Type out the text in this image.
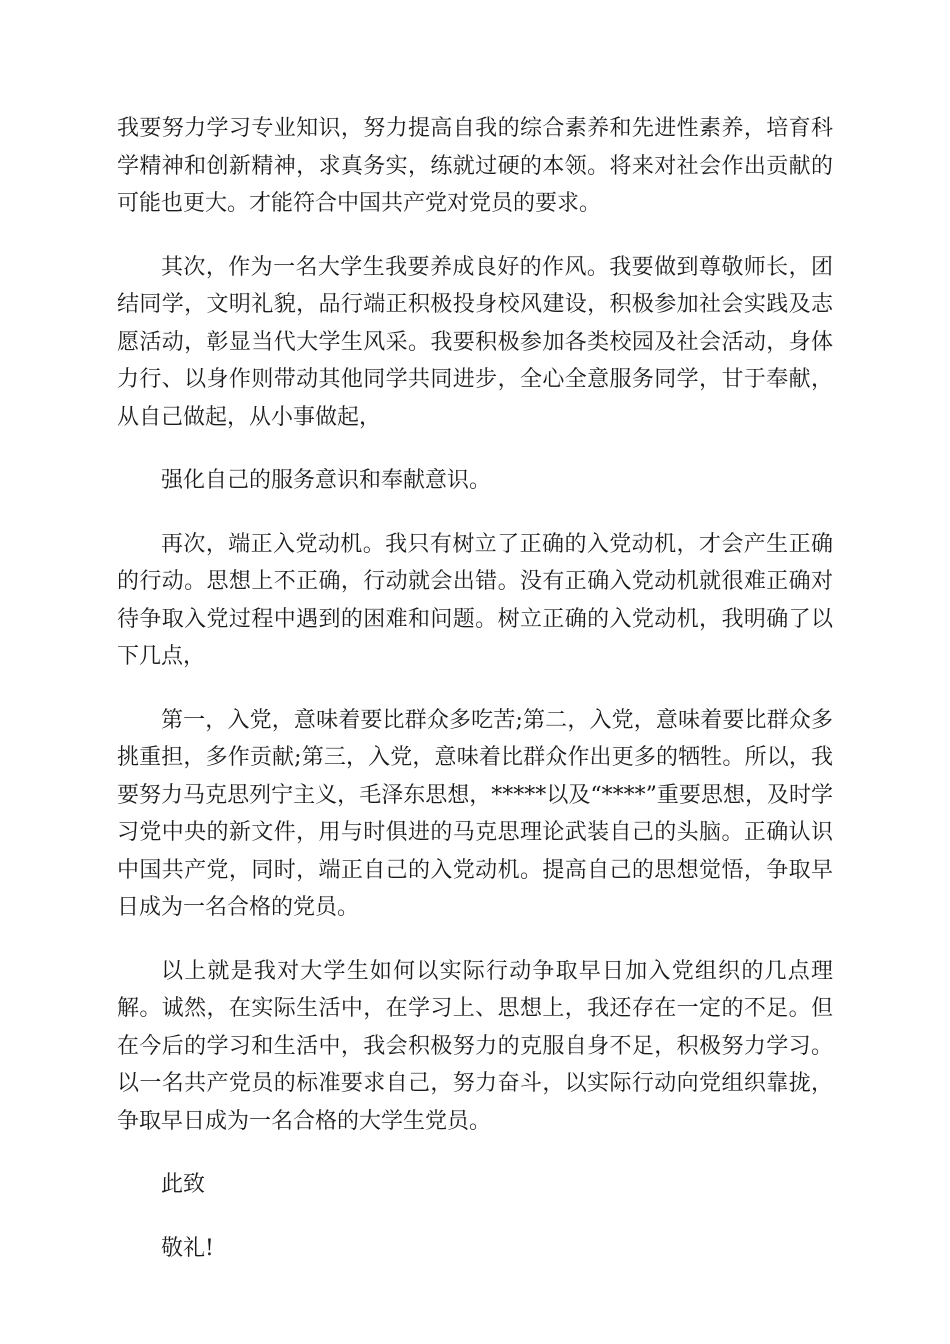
我要努力学习专业知识，努力提高自我的综合素养和先进性素养，培育科学精神和创新精神，求真务实，练就过硬的本领。将来对社会作出贡献的可能也更大。才能符合中国共产党对党员的要求。

其次，作为一名大学生我要养成良好的作风。我要做到尊敬师长，团结同学，文明礼貌，品行端正积极投身校风建设，积极参加社会实践及志愿活动，彰显当代大学生风采。我要积极参加各类校园及社会活动，身体力行、以身作则带动其他同学共同进步，全心全意服务同学，甘于奉献，从自己做起，从小事做起，

强化自己的服务意识和奉献意识。

再次，端正入党动机。我只有树立了正确的入党动机，才会产生正确的行动。思想上不正确，行动就会出错。没有正确入党动机就很难正确对待争取入党过程中遇到的困难和问题。树立正确的入党动机，我明确了以下几点，

第一，入党，意味着要比群众多吃苦;第二，入党，意味着要比群众多挑重担，多作贡献;第三，入党，意味着比群众作出更多的牺牲。所以，我要努力马克思列宁主义，毛泽东思想，*****以及“****”重要思想，及时学习党中央的新文件，用与时俱进的马克思理论武装自己的头脑。正确认识中国共产党，同时，端正自己的入党动机。提高自己的思想觉悟，争取早日成为一名合格的党员。

以上就是我对大学生如何以实际行动争取早日加入党组织的几点理解。诚然，在实际生活中，在学习上、思想上，我还存在一定的不足。但在今后的学习和生活中，我会积极努力的克服自身不足，积极努力学习。以一名共产党员的标准要求自己，努力奋斗，以实际行动向党组织靠拢，争取早日成为一名合格的大学生党员。

此致

敬礼!
